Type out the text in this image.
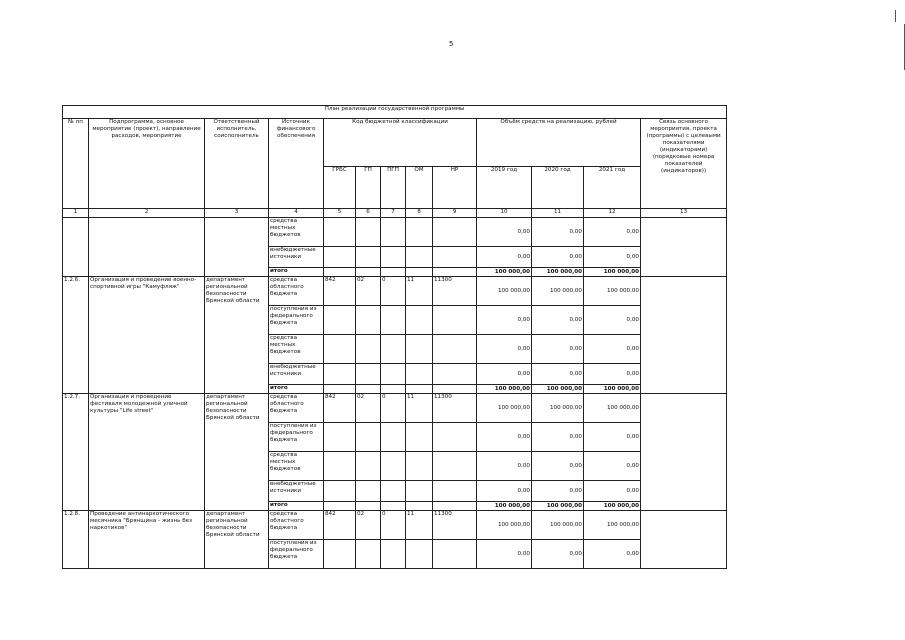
5
План реализации государственной программы												
№ пп	Подпрограмма, основное мероприятие (проект), направление расходов, мероприятие	Ответственный исполнитель, соисполнитель	Источник финансового обеспечения	Код бюджетной классификации					Объём средств на реализацию, рублей			Связь основного мероприятия, проекта (программы) с целевыми показателями (индикаторами) (порядковые номера показателей (индикаторов))
				ГРБС	ГП	ПГП	ОМ	НР	2019 год	2020 год	2021 год	
1	2	3	4	5	6	7	8	9	10	11	12	13
			средства местных бюджетов						0,00	0,00	0,00	
			внебюджетные источники						0,00	0,00	0,00	
			итого						100 000,00	100 000,00	100 000,00	
1.2.6.	Организация и проведение военно-спортивной игры "Камуфляж"	департамент региональной безопасности Брянской области	средства областного бюджета	842	02	0	11	11300	100 000,00	100 000,00	100 000,00	
			поступления из федерального бюджета						0,00	0,00	0,00	
			средства местных бюджетов						0,00	0,00	0,00	
			внебюджетные источники						0,00	0,00	0,00	
			итого						100 000,00	100 000,00	100 000,00	
1.2.7.	Организация и проведение фестиваля молодежной уличной культуры "Life street"	департамент региональной безопасности Брянской области	средства областного бюджета	842	02	0	11	11300	100 000,00	100 000,00	100 000,00	
			поступления из федерального бюджета						0,00	0,00	0,00	
			средства местных бюджетов						0,00	0,00	0,00	
			внебюджетные источники						0,00	0,00	0,00	
			итого						100 000,00	100 000,00	100 000,00	
1.2.8.	Проведение антинаркотического месячника "Брянщина - жизнь без наркотиков"	департамент региональной безопасности Брянской области	средства областного бюджета	842	02	0	11	11300	100 000,00	100 000,00	100 000,00	
			поступления из федерального бюджета						0,00	0,00	0,00	
